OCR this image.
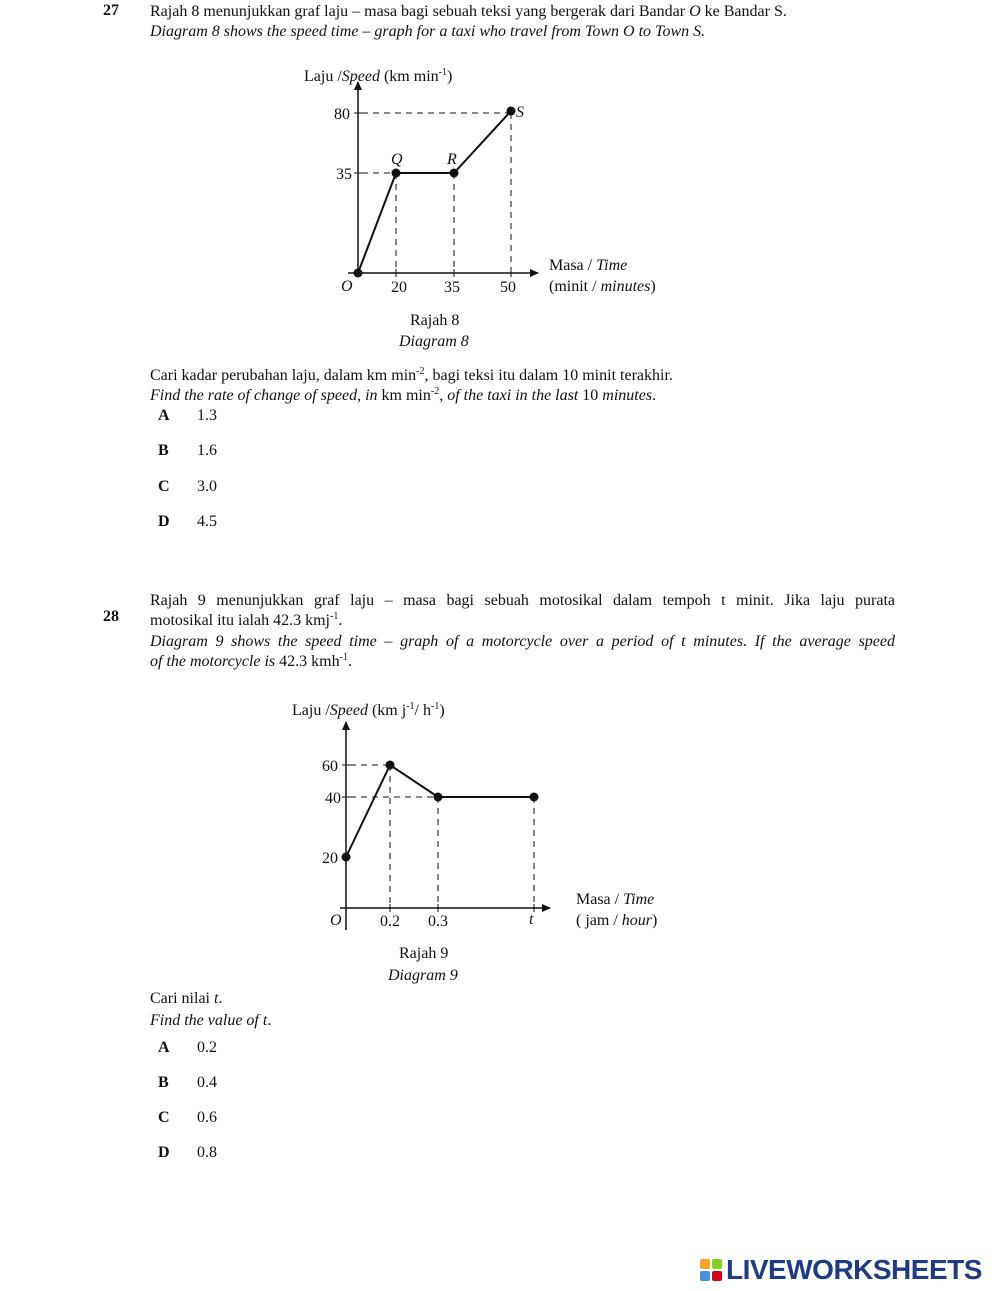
27 Rajah 8 menunjukkan graf laju – masa bagi sebuah teksi yang bergerak dari Bandar O ke Bandar S.
Diagram 8 shows the speed time – graph for a taxi who travel from Town O to Town S.
Laju /Speed (km $\min^{-1}$)
80
35
O 20 35	50
Q	R
S
Masa / Time
(minit / minutes)
Rajah 8
Diagram 8
Cari kadar perubahan laju, dalam km $\min^{-2}$, bagi teksi itu dalam 10 minit terakhir.
Find the rate of change of speed, in km $\min^{-2}$, of the taxi in the last 10 minutes.
A	1.3
B	1.6
C	3.0
D	4.5
28
Rajah 9 menunjukkan graf laju – masa bagi sebuah motosikal dalam tempoh t minit. Jika laju purata
motosikal itu ialah 42.3 kmj$^{-1}$.
Diagram 9 shows the speed time – graph of a motorcycle over a period of t minutes. If the average speed
of the motorcycle is 42.3 kmh$^{-1}$.
Laju /Speed (km $j^{-1}/$ $h^{-1}$)
60
40
20
O 0.2 0.3	t
Masa / Time
( jam / hour)
Rajah 9
Diagram 9
Cari nilai t.
Find the value of t.
A	0.2
B	0.4
C	0.6
D	0.8
LIVEWORKSHEETS
